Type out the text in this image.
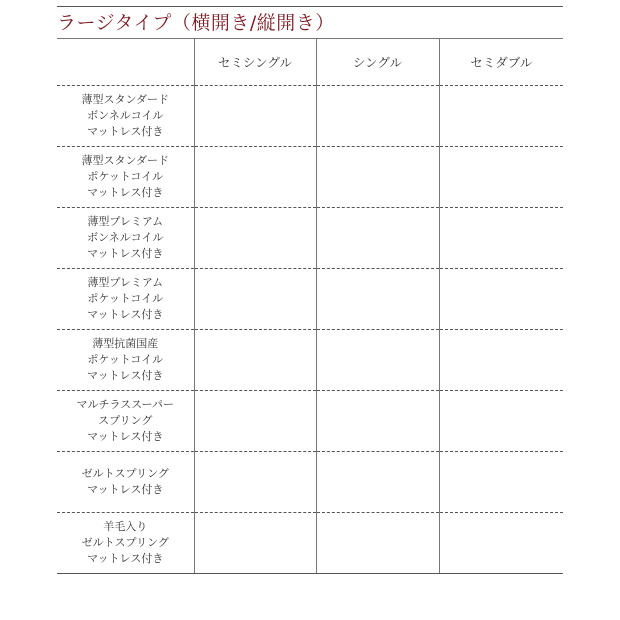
ラージタイプ（横開き/縦開き）
	セミシングル	シングル	セミダブル

薄型スタンダード
ボンネルコイル
マットレス付き			

薄型スタンダード
ポケットコイル
マットレス付き			

薄型プレミアム
ボンネルコイル
マットレス付き			

薄型プレミアム
ポケットコイル
マットレス付き			

薄型抗菌国産
ポケットコイル
マットレス付き			

マルチラススーパー
スプリング
マットレス付き			

ゼルトスプリング
マットレス付き			

羊毛入り
ゼルトスプリング
マットレス付き			
